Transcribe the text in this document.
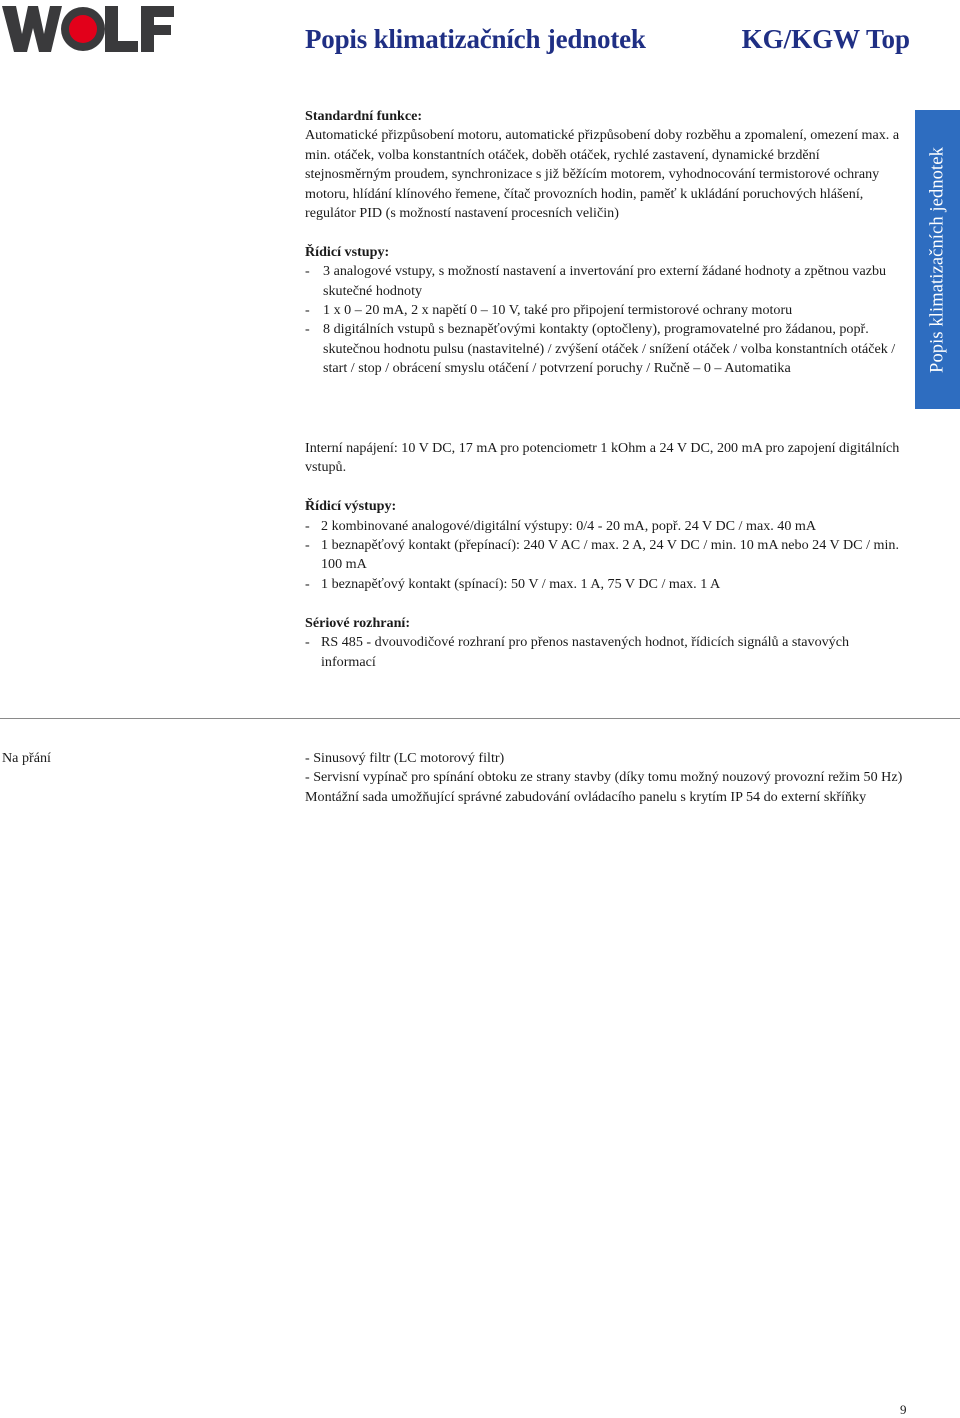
Popis klimatizačních jednotek	KG/KGW Top
Popis klimatizačních jednotek

Standardní funkce:

Automatické přizpůsobení motoru, automatické přizpůsobení doby rozběhu a zpomalení, omezení max. a min. otáček, volba konstantních otáček, doběh otáček, rychlé zastavení, dynamické brzdění stejnosměrným proudem, synchronizace s již běžícím motorem, vyhodnocování termistorové ochrany motoru, hlídání klínového řemene, čítač provozních hodin, paměť k ukládání poruchových hlášení, regulátor PID (s možností nastavení procesních veličin)

Řídicí vstupy:

- 3 analogové vstupy, s možností nastavení a invertování pro externí žádané hodnoty a zpětnou vazbu skutečné hodnoty
- 1 x 0 – 20 mA, 2 x napětí 0 – 10 V, také pro připojení termistorové ochrany motoru
- 8 digitálních vstupů s beznapěťovými kontakty (optočleny), programovatelné pro žádanou, popř. skutečnou hodnotu pulsu (nastavitelné) / zvýšení otáček / snížení otáček / volba konstantních otáček / start / stop / obrácení smyslu otáčení / potvrzení poruchy / Ručně – 0 – Automatika

Interní napájení: 10 V DC, 17 mA pro potenciometr 1 kOhm a 24 V DC, 200 mA pro zapojení digitálních vstupů.

Řídicí výstupy:

- 2 kombinované analogové/digitální výstupy: 0/4 - 20 mA, popř. 24 V DC / max. 40 mA
- 1 beznapěťový kontakt (přepínací): 240 V AC / max. 2 A, 24 V DC / min. 10 mA nebo 24 V DC / min. 100 mA
- 1 beznapěťový kontakt (spínací): 50 V / max. 1 A, 75 V DC / max. 1 A

Sériové rozhraní:

- RS 485 - dvouvodičové rozhraní pro přenos nastavených hodnot, řídicích signálů a stavových informací
Na přání	- Sinusový filtr (LC motorový filtr)

- Servisní vypínač pro spínání obtoku ze strany stavby (díky tomu možný nouzový provozní režim 50 Hz)

Montážní sada umožňující správné zabudování ovládacího panelu s krytím IP 54 do externí skříňky

9
